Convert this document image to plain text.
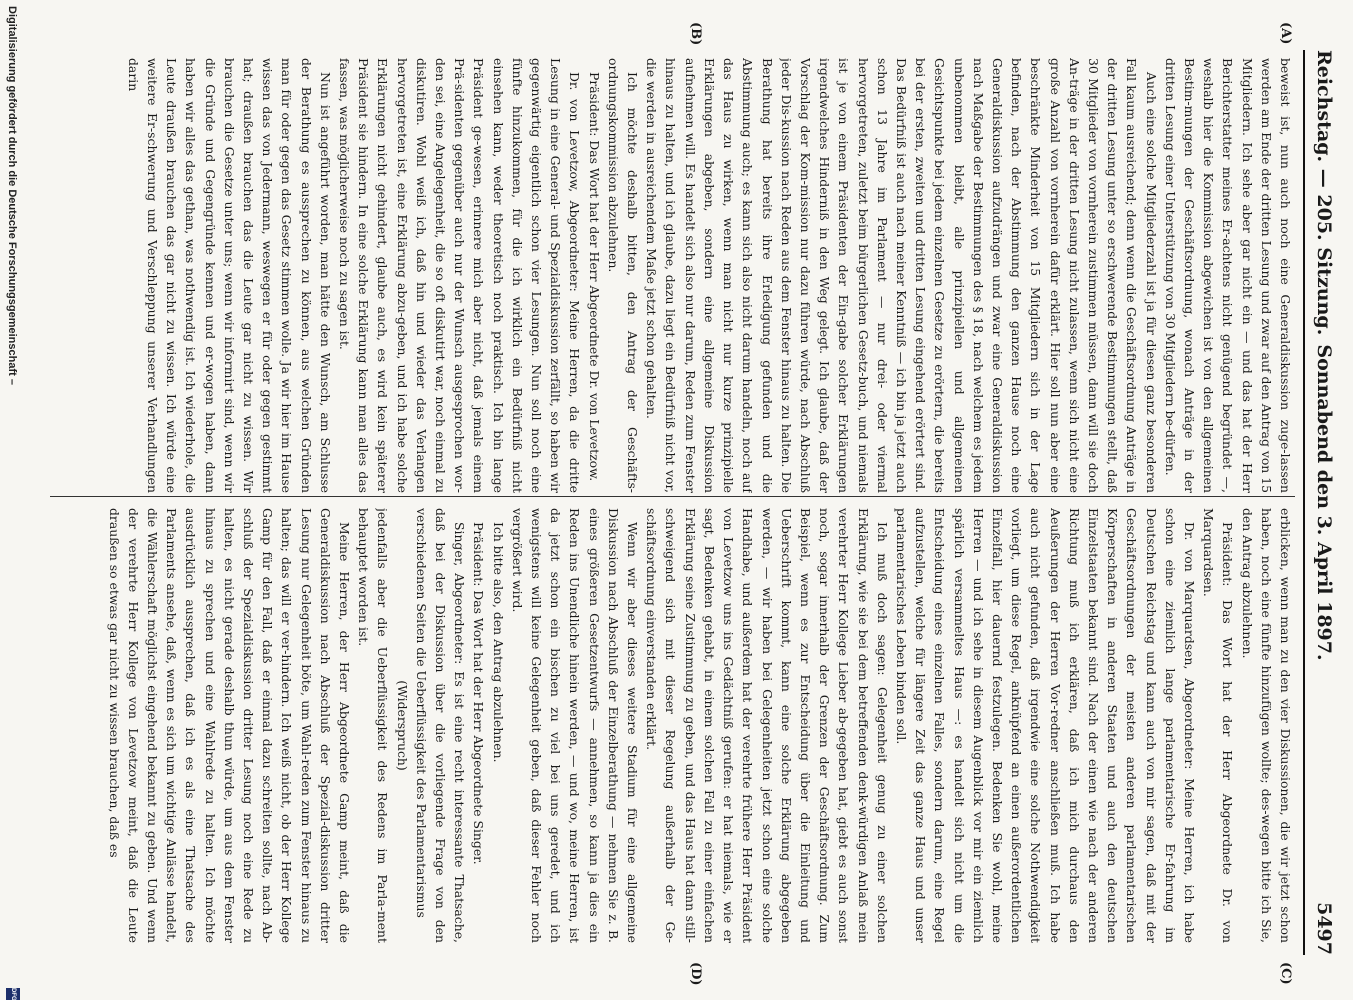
Reichstag. — 205. Sitzung.
Sonnabend den 3. April 1897.
5497
(A)
(B)
(C)
(D)

beweist ist, nun auch noch eine Generaldiskussion zuge-lassen werden am Ende der dritten Lesung und zwar auf den Antrag von 15 Mitgliedern. Ich sehe aber gar nicht ein — und das hat der Herr Berichterstatter meines Er-achtens nicht genügend begründet —, weshalb hier die Kommission abgewichen ist von den allgemeinen Bestim-mungen der Geschäftsordnung, wonach Anträge in der dritten Lesung einer Unterstützung von 30 Mitgliedern be-dürfen.

Auch eine solche Mitgliederzahl ist ja für diesen ganz besonderen Fall kaum ausreichend; denn wenn die Geschäftsordnung Anträge in der dritten Lesung unter so erschwerende Bestimmungen stellt, daß 30 Mitglieder von vornherein zustimmen müssen, dann will sie doch An-träge in der dritten Lesung nicht zulassen, wenn sich nicht eine große Anzahl von vornherein dafür erklärt. Hier soll nun aber eine beschränkte Minderheit von 15 Mitgliedern sich in der Lage befinden, nach der Abstimmung den ganzen Hause noch eine Generaldiskussion aufzudrängen und zwar eine Generaldiskussion nach Maßgabe der Bestimmungen des § 18, nach welchem es jedem unbenommen bleibt, alle prinzipiellen und allgemeinen Gesichtspunkte bei jedem einzelnen Gesetze zu erörtern, die bereits bei der ersten, zweiten und dritten Lesung eingehend erörtert sind. Das Bedürfniß ist auch nach meiner Kenntniß — ich bin ja jetzt auch schon 13 Jahre im Parlament — nur drei- oder viermal hervorgetreten, zuletzt beim bürgerlichen Gesetz-buch, und niemals ist je von einem Präsidenten der Ein-gabe solcher Erklärungen irgendwelches Hinderniß in den Weg gelegt. Ich glaube, daß der Vorschlag der Kom-mission nur dazu führen würde, nach Abschluß jeder Dis-kussion nach Reden aus dem Fenster hinaus zu halten. Die Berathung hat bereits ihre Erledigung gefunden und die Abstimmung auch; es kann sich also nicht darum handeln, noch auf das Haus zu wirken, wenn man nicht nur kurze prinzipielle Erklärungen abgeben, sondern eine allgemeine Diskussion aufnehmen will. Es handelt sich also nur darum, Reden zum Fenster hinaus zu halten, und ich glaube, dazu liegt ein Bedürfniß nicht vor, die werden in ausreichendem Maße jetzt schon gehalten.

Ich möchte deshalb bitten, den Antrag der Geschäfts-ordnungskommission abzulehnen.

Präsident: Das Wort hat der Herr Abgeordnete Dr. von Levetzow.

Dr. von Levetzow, Abgeordneter: Meine Herren, da die dritte Lesung in eine General- und Spezialdiskussion zerfällt, so haben wir gegenwärtig eigentlich schon vier Lesungen. Nun soll noch eine fünfte hinzukommen, für die ich wirklich ein Bedürfniß nicht einsehen kann, weder theoretisch noch praktisch. Ich bin lange Präsident ge-wesen, erinnere mich aber nicht, daß jemals einem Prä-sidenten gegenüber auch nur der Wunsch ausgesprochen wor-den sei, eine Angelegenheit, die so oft diskutirt war, noch einmal zu diskutiren. Wohl weiß ich, daß hin und wieder das Verlangen hervorgetreten ist, eine Erklärung abzu-geben, und ich habe solche Erklärungen nicht gehindert, glaube auch, es wird kein späterer Präsident sie hindern. In eine solche Erklärung kann man alles das fassen, was möglicherweise noch zu sagen ist.

Nun ist angeführt worden, man hätte den Wunsch, am Schlusse der Berathung es aussprechen zu können, aus welchen Gründen man für oder gegen das Gesetz stimmen wolle. Ja wir hier im Hause wissen das von Jedermann, weswegen er für oder gegen gestimmt hat; draußen brauchen das die Leute gar nicht zu wissen. Wir brauchen die Gesetze unter uns; wenn wir informirt sind, wenn wir die Gründe und Gegengründe kennen und er-wogen haben, dann haben wir alles das gethan, was nothwendig ist. Ich wiederhole, die Leute draußen brauchen das gar nicht zu wissen. Ich würde eine weitere Er-schwerung und Verschleppung unserer Verhandlungen darin

erblicken, wenn man zu den vier Diskussionen, die wir jetzt schon haben, noch eine fünfte hinzufügen wollte; des-wegen bitte ich Sie, den Antrag abzulehnen.

Präsident: Das Wort hat der Herr Abgeordnete Dr. von Marquardsen.

Dr. von Marquardsen, Abgeordneter: Meine Herren, ich habe schon eine ziemlich lange parlamentarische Er-fahrung im Deutschen Reichstag und kann auch von mir sagen, daß mit der Geschäftsordnungen der meisten anderen parlamentarischen Körperschaften in anderen Staaten und auch den deutschen Einzelstaaten bekannt sind. Nach der einen wie nach der anderen Richtung muß ich erklären, daß ich mich durchaus den Aeußerungen der Herren Vor-redner anschließen muß. Ich habe auch nicht gefunden, daß irgendwie eine solche Nothwendigkeit vorliegt, um diese Regel, anknüpfend an einen außerordentlichen Einzelfall, hier dauernd festzulegen. Bedenken Sie wohl, meine Herren — und ich sehe in diesem Augenblick vor mir ein ziemlich spärlich versammeltes Haus —: es handelt sich nicht um die Entscheidung eines einzelnen Falles, sondern darum, eine Regel aufzustellen, welche für längere Zeit das ganze Haus und unser parlamentarisches Leben binden soll.

Ich muß doch sagen: Gelegenheit genug zu einer solchen Erklärung, wie sie bei dem betreffenden denk-würdigen Anlaß mein verehrter Herr Kollege Lieber ab-gegeben hat, giebt es auch sonst noch, sogar innerhalb der Grenzen der Geschäftsordnung. Zum Beispiel, wenn es zur Entscheidung über die Einleitung und Ueberschrift kommt, kann eine solche Erklärung abgegeben werden, — wir haben bei Gelegenheiten jetzt schon eine solche Handhabe, und außerdem hat der verehrte frühere Herr Präsident von Levetzow uns ins Gedächtniß gerufen: er hat niemals, wie er sagt, Bedenken gehabt, in einem solchen Fall zu einer einfachen Erklärung seine Zustimmung zu geben, und das Haus hat dann still-schweigend sich mit dieser Regelung außerhalb der Ge-schäftsordnung einverstanden erklärt.

Wenn wir aber dieses weitere Stadium für eine allgemeine Diskussion nach Abschluß der Einzelberathung — nehmen Sie z. B. eines größeren Gesetzentwurfs — annehmen, so kann ja dies ein Reden ins Unendliche hinein werden, — und wo, meine Herren, ist da jetzt schon ein bischen zu viel bei uns geredet, und ich wenigstens will keine Gelegenheit geben, daß dieser Fehler noch vergrößert wird.

Ich bitte also, den Antrag abzulehnen.

Präsident: Das Wort hat der Herr Abgeordnete Singer.

Singer, Abgeordneter: Es ist eine recht interessante Thatsache, daß bei der Diskussion über die vorliegende Frage von den verschiedenen Seiten die Ueberflüssigkeit des Parlamentarismus

(Widerspruch)

jedenfalls aber die Ueberflüssigkeit des Redens im Parla-ment behauptet worden ist.

Meine Herren, der Herr Abgeordnete Gamp meint, daß die Generaldiskussion nach Abschluß der Spezial-diskussion dritter Lesung nur Gelegenheit böte, um Wahl-reden zum Fenster hinaus zu halten; das will er ver-hindern. Ich weiß nicht, ob der Herr Kollege Gamp für den Fall, daß er einmal dazu schreiten sollte, nach Ab-schluß der Spezialdiskussion dritter Lesung noch eine Rede zu halten, es nicht gerade deshalb thun würde, um aus dem Fenster hinaus zu sprechen und eine Wahlrede zu halten. Ich möchte ausdrücklich aussprechen, daß ich es als eine Thatsache des Parlaments ansehe, daß, wenn es sich um wichtige Anlässe handelt, die Wählerschaft möglichst eingehend bekannt zu geben. Und wenn der verehrte Herr Kollege von Levetzow meint, daß die Leute draußen so etwas gar nicht zu wissen brauchen, daß es

Digitalisierung gefördert durch die Deutsche Forschungsgemeinschaft –
DFG
